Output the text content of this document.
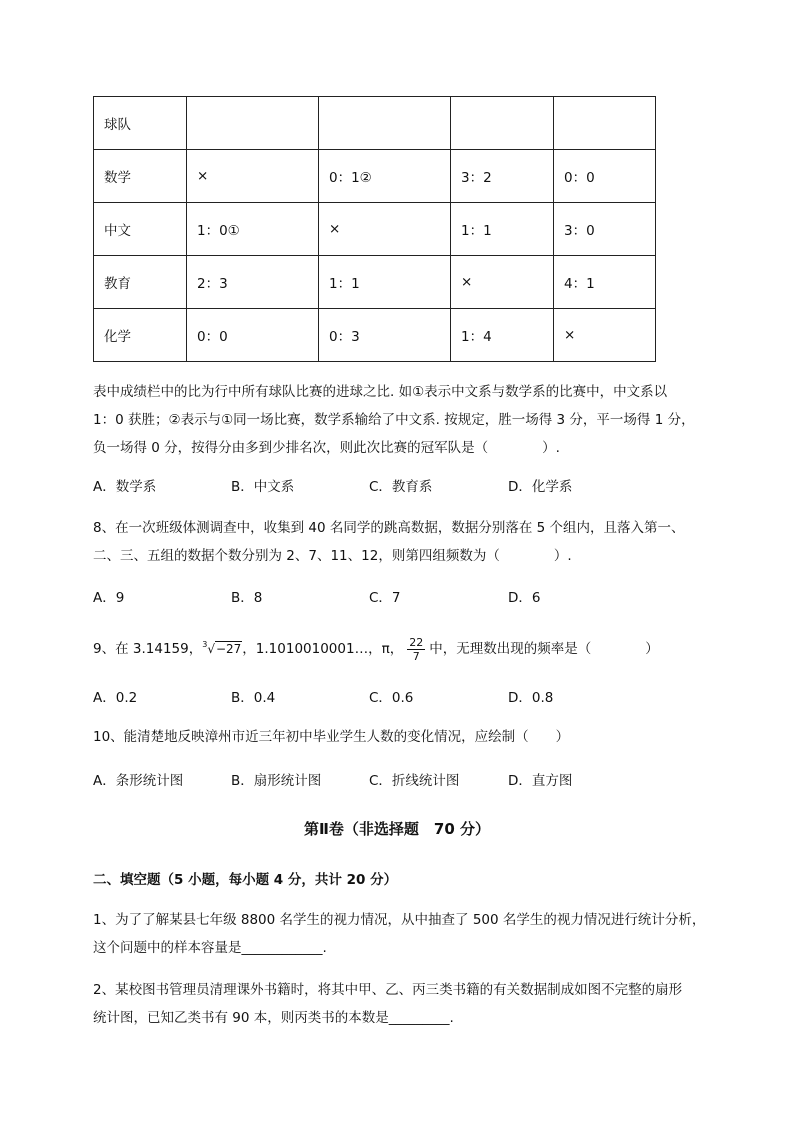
球队				
数学	×	0：1②	3：2	0：0
中文	1：0①	×	1：1	3：0
教育	2：3	1：1	×	4：1
化学	0：0	0：3	1：4	×
表中成绩栏中的比为行中所有球队比赛的进球之比. 如①表示中文系与数学系的比赛中，中文系以
1：0 获胜；②表示与①同一场比赛，数学系输给了中文系. 按规定，胜一场得 3 分，平一场得 1 分，
负一场得 0 分，按得分由多到少排名次，则此次比赛的冠军队是（　　　　）.
A．数学系	B．中文系	C．教育系	D．化学系
8、在一次班级体测调查中，收集到 40 名同学的跳高数据，数据分别落在 5 个组内，且落入第一、
二、三、五组的数据个数分别为 2、7、11、12，则第四组频数为（　　　　）.
A．9	B．8	C．7	D．6
9、在 3.14159，$^3$√−27，1.1010010001…，π， $\frac{22}{7}$ 中，无理数出现的频率是（　　　　）
A．0.2	B．0.4	C．0.6	D．0.8
10、能清楚地反映漳州市近三年初中毕业学生人数的变化情况，应绘制（　　）
A．条形统计图	B．扇形统计图	C．折线统计图	D．直方图
第Ⅱ卷（非选择题　70 分）
二、填空题（5 小题，每小题 4 分，共计 20 分）
1、为了了解某县七年级 8800 名学生的视力情况，从中抽查了 500 名学生的视力情况进行统计分析，
这个问题中的样本容量是____________.
2、某校图书管理员清理课外书籍时，将其中甲、乙、丙三类书籍的有关数据制成如图不完整的扇形
统计图，已知乙类书有 90 本，则丙类书的本数是_________.
